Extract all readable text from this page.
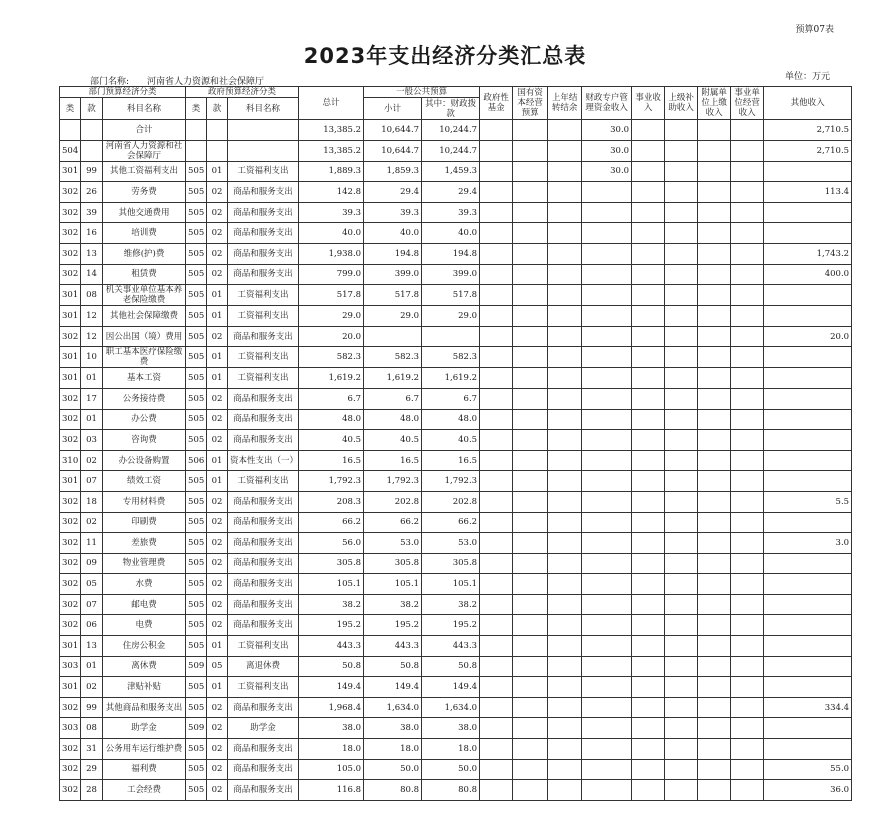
预算07表
2023年支出经济分类汇总表
部门名称: 河南省人力资源和社会保障厅	单位：万元
部门预算经济分类			政府预算经济分类			总计	一般公共预算		政府性基金	国有资本经营预算	上年结转结余	财政专户管理资金收入	事业收入	上级补助收入	附属单位上缴收入	事业单位经营收入	其他收入
类	款	科目名称	类	款	科目名称		小计	其中：财政拨款									

		合计				13,385.2	10,644.7	10,244.7				30.0					2,710.5
504		河南省人力资源和社会保障厅				13,385.2	10,644.7	10,244.7				30.0					2,710.5
301	99	其他工资福利支出	505	01	工资福利支出	1,889.3	1,859.3	1,459.3				30.0					
302	26	劳务费	505	02	商品和服务支出	142.8	29.4	29.4									113.4
302	39	其他交通费用	505	02	商品和服务支出	39.3	39.3	39.3									
302	16	培训费	505	02	商品和服务支出	40.0	40.0	40.0									
302	13	维修(护)费	505	02	商品和服务支出	1,938.0	194.8	194.8									1,743.2
302	14	租赁费	505	02	商品和服务支出	799.0	399.0	399.0									400.0
301	08	机关事业单位基本养老保险缴费	505	01	工资福利支出	517.8	517.8	517.8									
301	12	其他社会保障缴费	505	01	工资福利支出	29.0	29.0	29.0									
302	12	因公出国（境）费用	505	02	商品和服务支出	20.0											20.0
301	10	职工基本医疗保险缴费	505	01	工资福利支出	582.3	582.3	582.3									
301	01	基本工资	505	01	工资福利支出	1,619.2	1,619.2	1,619.2									
302	17	公务接待费	505	02	商品和服务支出	6.7	6.7	6.7									
302	01	办公费	505	02	商品和服务支出	48.0	48.0	48.0									
302	03	咨询费	505	02	商品和服务支出	40.5	40.5	40.5									
310	02	办公设备购置	506	01	资本性支出（一）	16.5	16.5	16.5									
301	07	绩效工资	505	01	工资福利支出	1,792.3	1,792.3	1,792.3									
302	18	专用材料费	505	02	商品和服务支出	208.3	202.8	202.8									5.5
302	02	印刷费	505	02	商品和服务支出	66.2	66.2	66.2									
302	11	差旅费	505	02	商品和服务支出	56.0	53.0	53.0									3.0
302	09	物业管理费	505	02	商品和服务支出	305.8	305.8	305.8									
302	05	水费	505	02	商品和服务支出	105.1	105.1	105.1									
302	07	邮电费	505	02	商品和服务支出	38.2	38.2	38.2									
302	06	电费	505	02	商品和服务支出	195.2	195.2	195.2									
301	13	住房公积金	505	01	工资福利支出	443.3	443.3	443.3									
303	01	离休费	509	05	离退休费	50.8	50.8	50.8									
301	02	津贴补贴	505	01	工资福利支出	149.4	149.4	149.4									
302	99	其他商品和服务支出	505	02	商品和服务支出	1,968.4	1,634.0	1,634.0									334.4
303	08	助学金	509	02	助学金	38.0	38.0	38.0									
302	31	公务用车运行维护费	505	02	商品和服务支出	18.0	18.0	18.0									
302	29	福利费	505	02	商品和服务支出	105.0	50.0	50.0									55.0
302	28	工会经费	505	02	商品和服务支出	116.8	80.8	80.8									36.0
